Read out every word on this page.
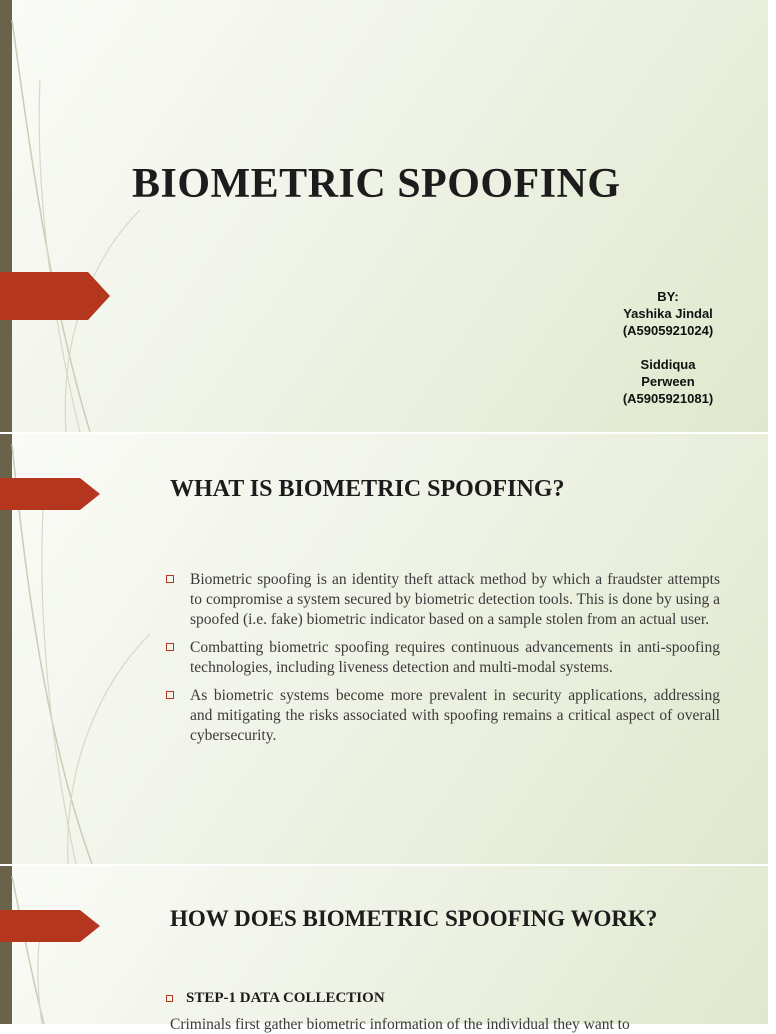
BIOMETRIC SPOOFING
BY:
Yashika Jindal
(A5905921024)
Siddiqua
Perween
(A5905921081)
WHAT IS BIOMETRIC SPOOFING?
Biometric spoofing is an identity theft attack method by which a fraudster attempts to compromise a system secured by biometric detection tools. This is done by using a spoofed (i.e. fake) biometric indicator based on a sample stolen from an actual user.
Combatting biometric spoofing requires continuous advancements in anti-spoofing technologies, including liveness detection and multi-modal systems.
As biometric systems become more prevalent in security applications, addressing and mitigating the risks associated with spoofing remains a critical aspect of overall cybersecurity.
HOW DOES BIOMETRIC SPOOFING WORK?
STEP-1 DATA COLLECTION
Criminals first gather biometric information of the individual they want to
